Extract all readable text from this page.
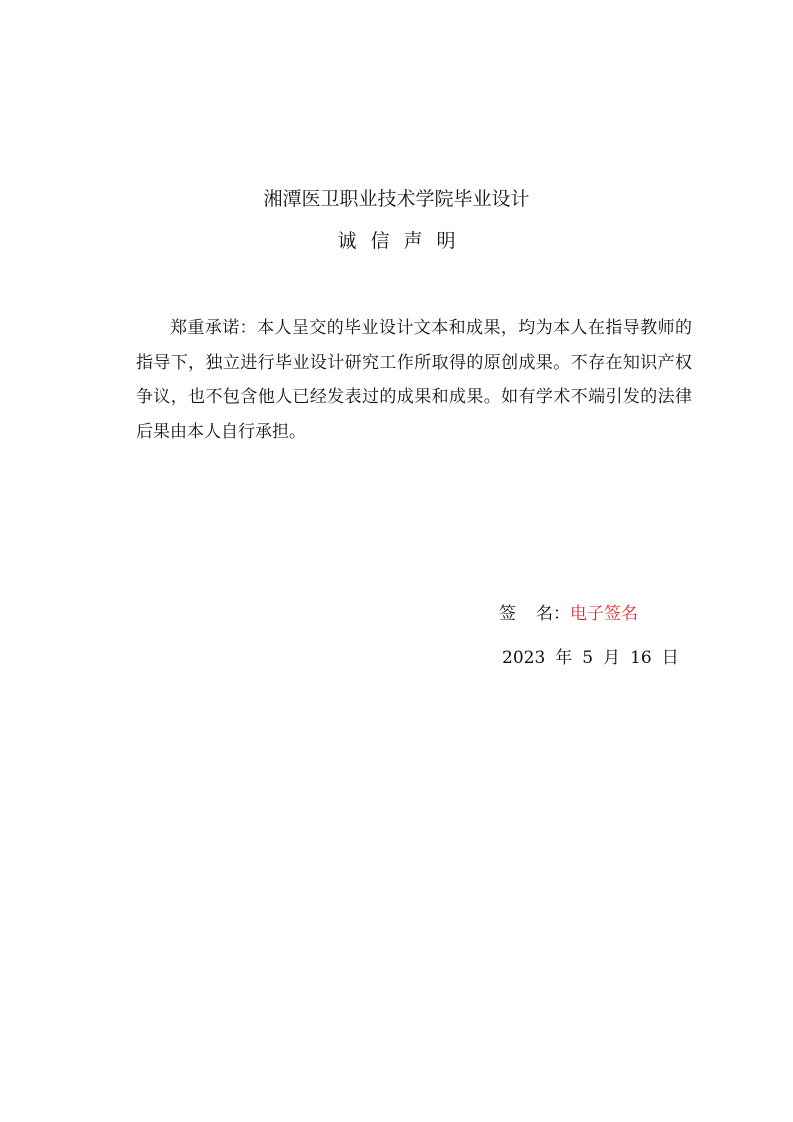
湘潭医卫职业技术学院毕业设计
诚信声明

郑重承诺：本人呈交的毕业设计文本和成果，均为本人在指导教师的指导下，独立进行毕业设计研究工作所取得的原创成果。不存在知识产权争议，也不包含他人已经发表过的成果和成果。如有学术不端引发的法律后果由本人自行承担。

签 名：电子签名
2023 年 5 月 16 日
